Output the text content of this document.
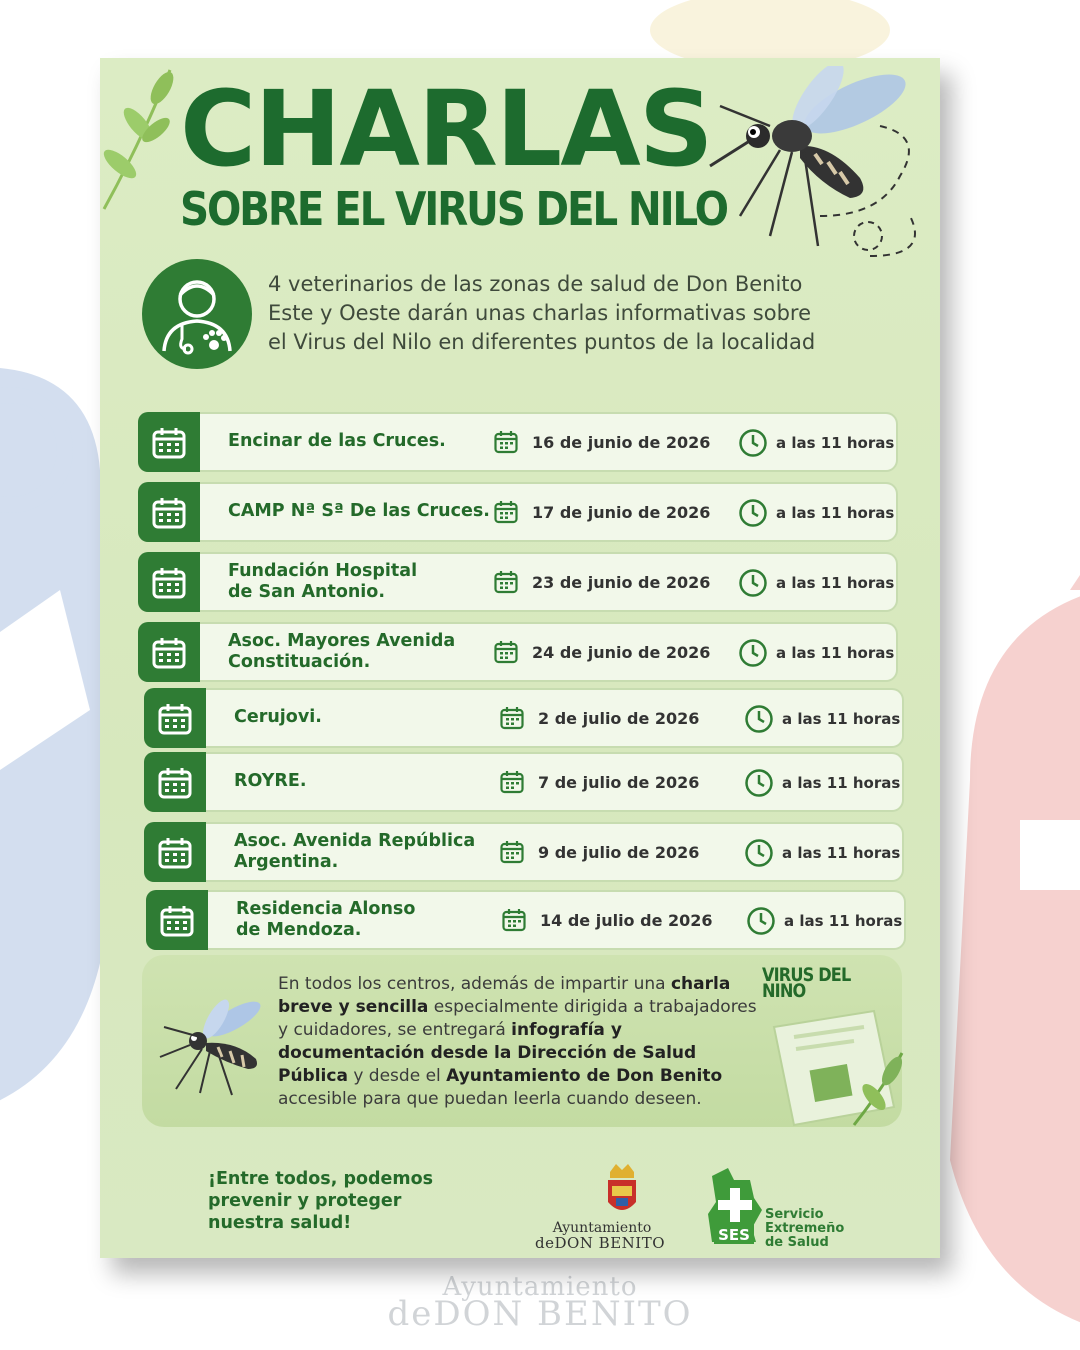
Ayuntamiento
deDON BENITO
CHARLAS
SOBRE EL VIRUS DEL NILO

4 veterinarios de las zonas de salud de Don Benito Este y Oeste darán unas charlas informativas sobre el Virus del Nilo en diferentes puntos de la localidad

Encinar de las Cruces.	16 de junio de 2026	a las 11 horas
CAMP Nª Sª De las Cruces.	17 de junio de 2026	a las 11 horas
Fundación Hospital
de San Antonio.	23 de junio de 2026	a las 11 horas
Asoc. Mayores Avenida
Constituación.	24 de junio de 2026	a las 11 horas
Cerujovi.	2 de julio de 2026	a las 11 horas
ROYRE.	7 de julio de 2026	a las 11 horas
Asoc. Avenida República
Argentina.	9 de julio de 2026	a las 11 horas
Residencia Alonso
de Mendoza.	14 de julio de 2026	a las 11 horas

En todos los centros, además de impartir una charla breve y sencilla especialmente dirigida a trabajadores y cuidadores, se entregará infografía y documentación desde la Dirección de Salud Pública y desde el Ayuntamiento de Don Benito accesible para que puedan leerla cuando deseen.

VIRUS DEL
NINO

¡Entre todos, podemos
prevenir y proteger
nuestra salud!	Ayuntamiento
deDON BENITO	SES

Servicio
Extremeño
de Salud
